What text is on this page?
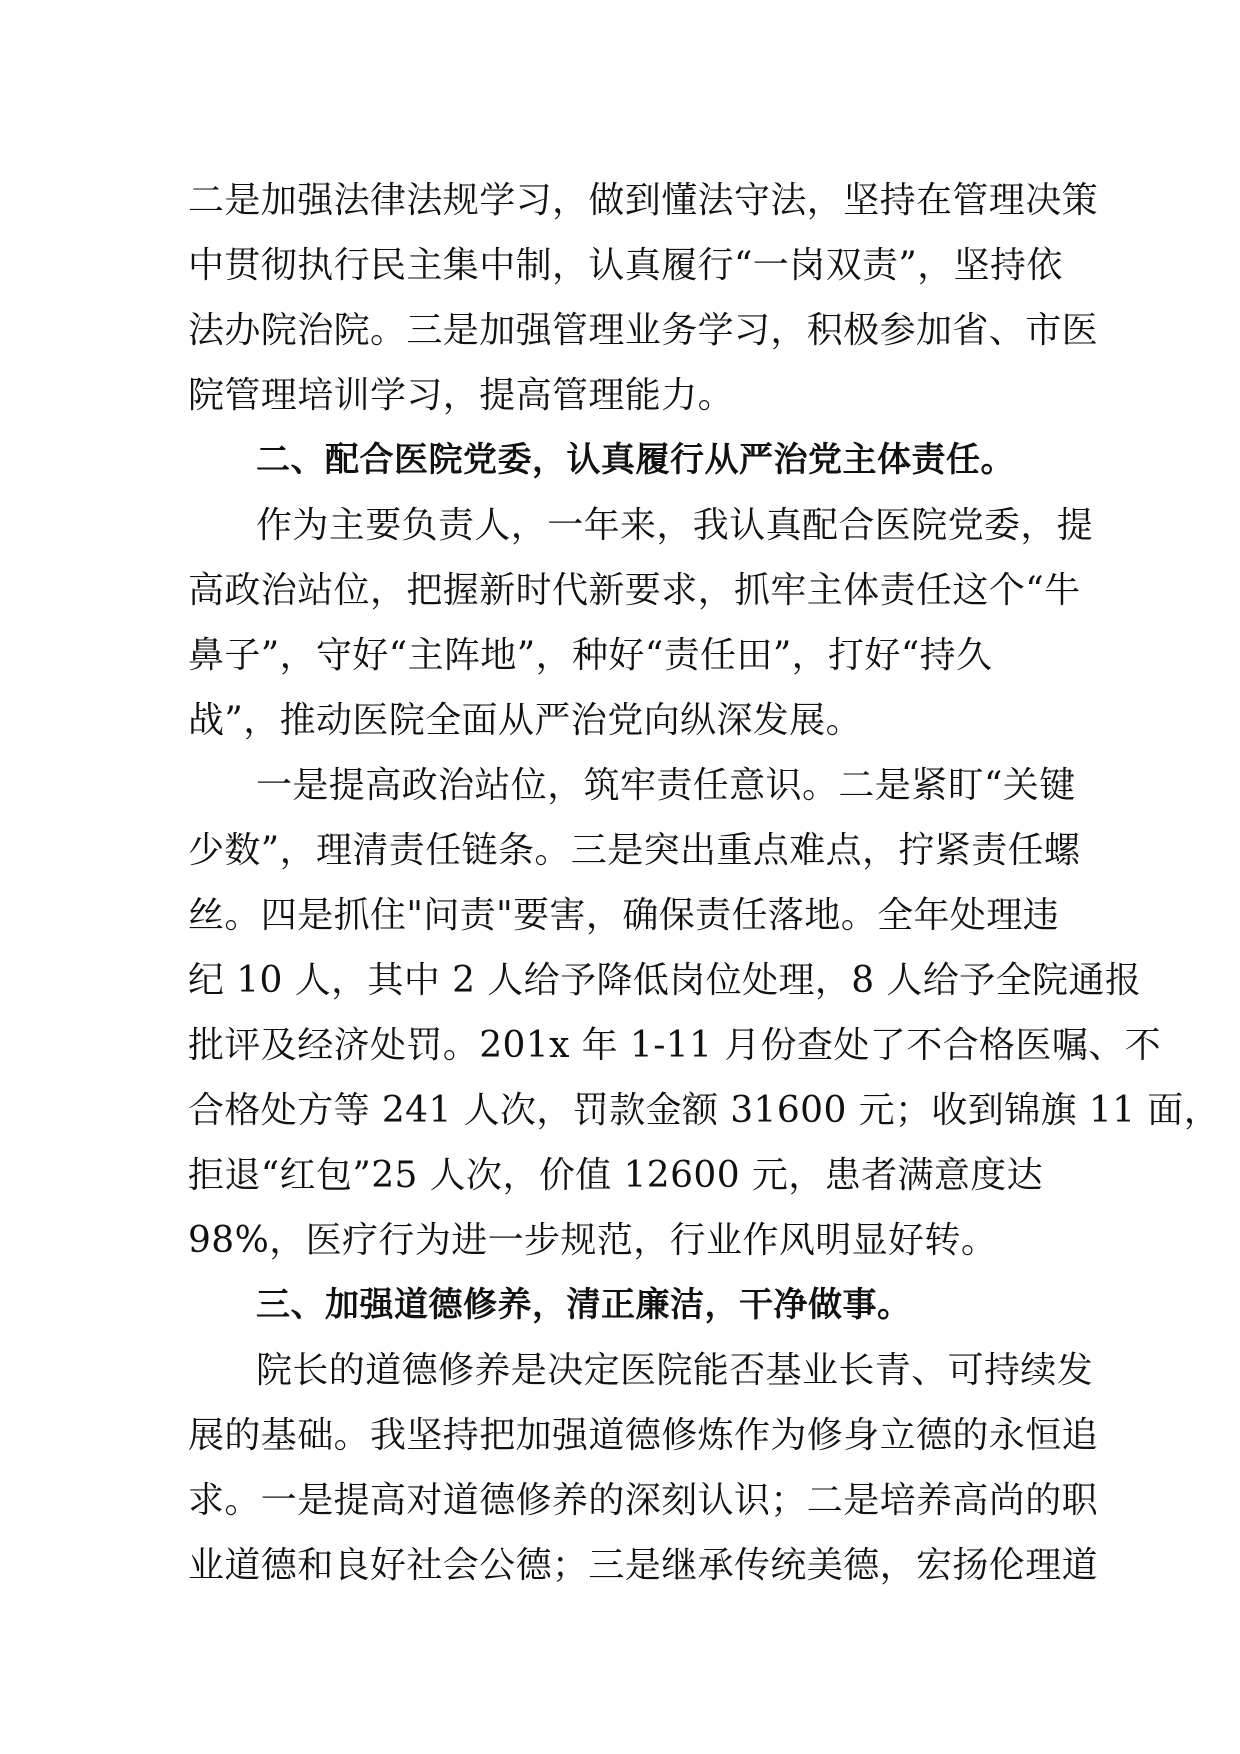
二是加强法律法规学习，做到懂法守法，坚持在管理决策
中贯彻执行民主集中制，认真履行“一岗双责”，坚持依
法办院治院。三是加强管理业务学习，积极参加省、市医
院管理培训学习，提高管理能力。
二、配合医院党委，认真履行从严治党主体责任。
作为主要负责人，一年来，我认真配合医院党委，提
高政治站位，把握新时代新要求，抓牢主体责任这个“牛
鼻子”，守好“主阵地”，种好“责任田”，打好“持久
战”，推动医院全面从严治党向纵深发展。
一是提高政治站位，筑牢责任意识。二是紧盯“关键
少数”，理清责任链条。三是突出重点难点，拧紧责任螺
丝。四是抓住"问责"要害，确保责任落地。全年处理违
纪 10 人，其中 2 人给予降低岗位处理，8 人给予全院通报
批评及经济处罚。201x 年 1-11 月份查处了不合格医嘱、不
合格处方等 241 人次，罚款金额 31600 元；收到锦旗 11 面，
拒退“红包”25 人次，价值 12600 元，患者满意度达
98%，医疗行为进一步规范，行业作风明显好转。
三、加强道德修养，清正廉洁，干净做事。
院长的道德修养是决定医院能否基业长青、可持续发
展的基础。我坚持把加强道德修炼作为修身立德的永恒追
求。一是提高对道德修养的深刻认识；二是培养高尚的职
业道德和良好社会公德；三是继承传统美德，宏扬伦理道
